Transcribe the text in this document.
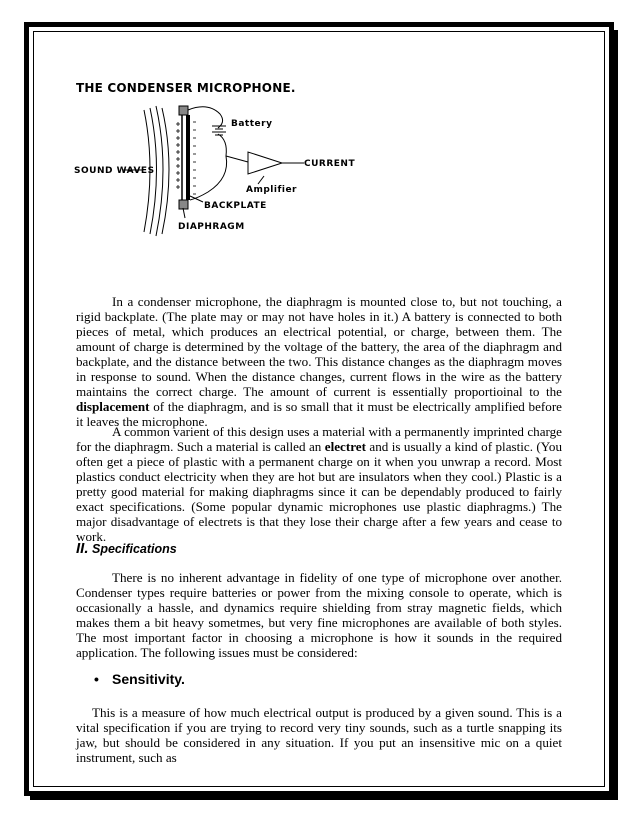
THE CONDENSER MICROPHONE.
Battery
SOUND WAVES
CURRENT
Amplifier
BACKPLATE
DIAPHRAGM

In a condenser microphone, the diaphragm is mounted close to, but not touching, a rigid backplate. (The plate may or may not have holes in it.) A battery is connected to both pieces of metal, which produces an electrical potential, or charge, between them. The amount of charge is determined by the voltage of the battery, the area of the diaphragm and backplate, and the distance between the two. This distance changes as the diaphragm moves in response to sound. When the distance changes, current flows in the wire as the battery maintains the correct charge. The amount of current is essentially proportioinal to the displacement of the diaphragm, and is so small that it must be electrically amplified before it leaves the microphone.

A common varient of this design uses a material with a permanently imprinted charge for the diaphragm. Such a material is called an electret and is usually a kind of plastic. (You often get a piece of plastic with a permanent charge on it when you unwrap a record. Most plastics conduct electricity when they are hot but are insulators when they cool.) Plastic is a pretty good material for making diaphragms since it can be dependably produced to fairly exact specifications. (Some popular dynamic microphones use plastic diaphragms.) The major disadvantage of electrets is that they lose their charge after a few years and cease to work.

II. Specifications

There is no inherent advantage in fidelity of one type of microphone over another. Condenser types require batteries or power from the mixing console to operate, which is occasionally a hassle, and dynamics require shielding from stray magnetic fields, which makes them a bit heavy sometmes, but very fine microphones are available of both styles. The most important factor in choosing a microphone is how it sounds in the required application. The following issues must be considered:

• Sensitivity.

This is a measure of how much electrical output is produced by a given sound. This is a vital specification if you are trying to record very tiny sounds, such as a turtle snapping its jaw, but should be considered in any situation. If you put an insensitive mic on a quiet instrument, such as
